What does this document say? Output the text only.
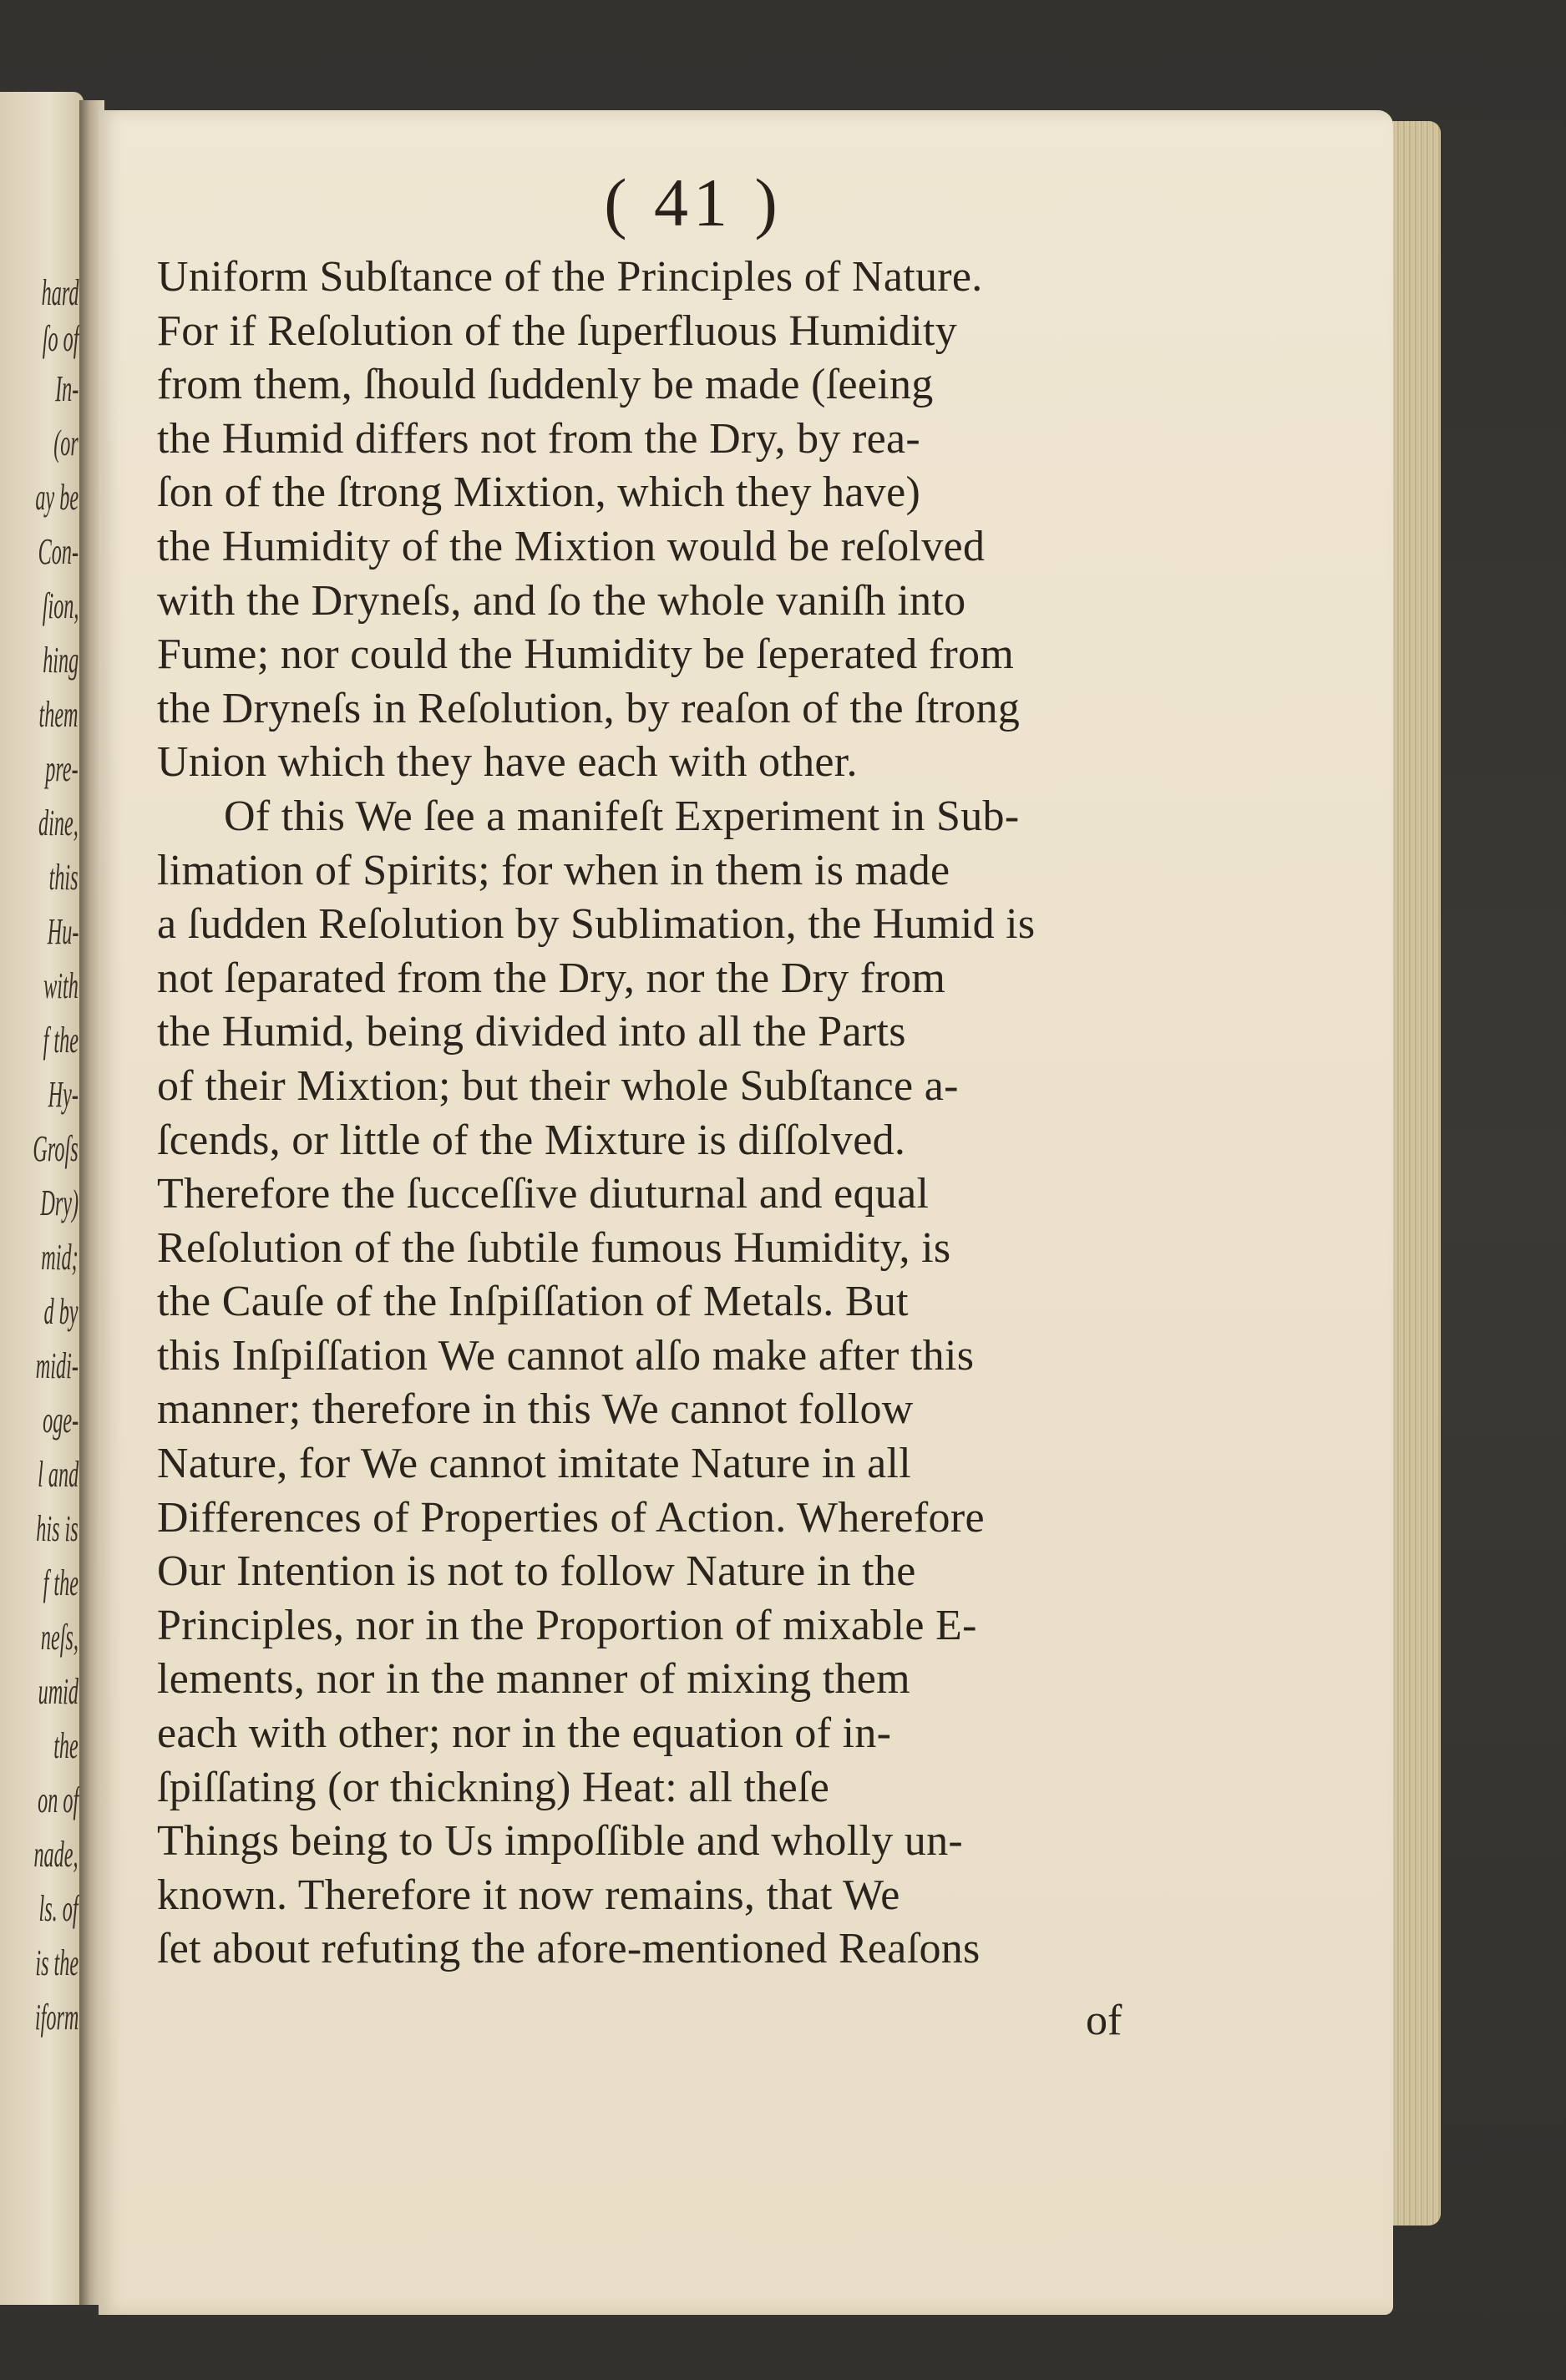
hard
ſo of
In-
(or
ay be
Con-
ſion,
hing
them
pre-
dine,
this
Hu-
with
f the
Hy-
Groſs
Dry)
mid;
d by
midi-
oge-
l and
his is
f the
neſs,
umid
the
on of
nade,
ls. of
is the
iform
( 41 )
Uniform Subſtance of the Principles of Nature.
For if Reſolution of the ſuperfluous Humidity
from them, ſhould ſuddenly be made (ſeeing
the Humid differs not from the Dry, by rea-
ſon of the ſtrong Mixtion, which they have)
the Humidity of the Mixtion would be reſolved
with the Dryneſs, and ſo the whole vaniſh into
Fume; nor could the Humidity be ſeperated from
the Dryneſs in Reſolution, by reaſon of the ſtrong
Union which they have each with other.
Of this We ſee a manifeſt Experiment in Sub-
limation of Spirits; for when in them is made
a ſudden Reſolution by Sublimation, the Humid is
not ſeparated from the Dry, nor the Dry from
the Humid, being divided into all the Parts
of their Mixtion; but their whole Subſtance a-
ſcends, or little of the Mixture is diſſolved.
Therefore the ſucceſſive diuturnal and equal
Reſolution of the ſubtile fumous Humidity, is
the Cauſe of the Inſpiſſation of Metals. But
this Inſpiſſation We cannot alſo make after this
manner; therefore in this We cannot follow
Nature, for We cannot imitate Nature in all
Differences of Properties of Action. Wherefore
Our Intention is not to follow Nature in the
Principles, nor in the Proportion of mixable E-
lements, nor in the manner of mixing them
each with other; nor in the equation of in-
ſpiſſating (or thickning) Heat: all theſe
Things being to Us impoſſible and wholly un-
known. Therefore it now remains, that We
ſet about refuting the afore-mentioned Reaſons
of
